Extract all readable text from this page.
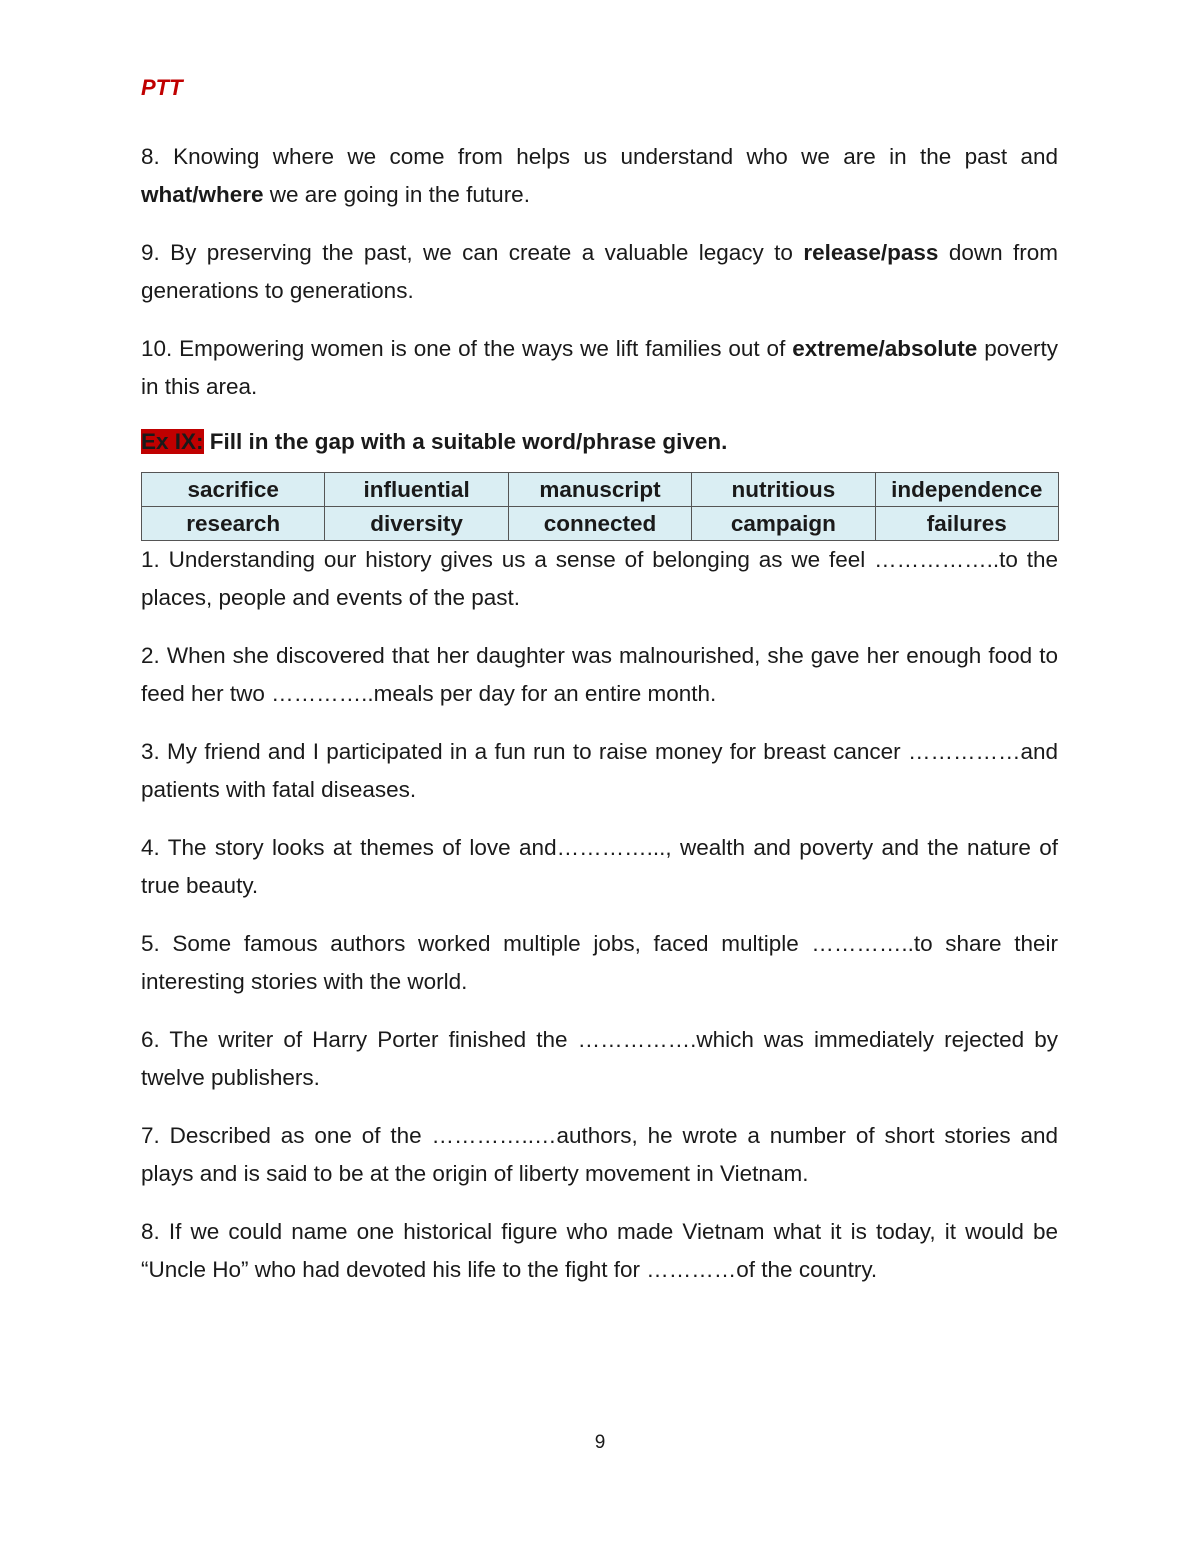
PTT

8. Knowing where we come from helps us understand who we are in the past and what/where we are going in the future.

9. By preserving the past, we can create a valuable legacy to release/pass down from generations to generations.

10. Empowering women is one of the ways we lift families out of extreme/absolute poverty in this area.

Ex IX: Fill in the gap with a suitable word/phrase given.
sacrifice	influential	manuscript	nutritious	independence
research	diversity	connected	campaign	failures

1. Understanding our history gives us a sense of belonging as we feel ……………..to the places, people and events of the past.

2. When she discovered that her daughter was malnourished, she gave her enough food to feed her two …………..meals per day for an entire month.

3. My friend and I participated in a fun run to raise money for breast cancer ……………and patients with fatal diseases.

4. The story looks at themes of love and…………..., wealth and poverty and the nature of true beauty.

5. Some famous authors worked multiple jobs, faced multiple …………..to share their interesting stories with the world.

6. The writer of Harry Porter finished the …………….which was immediately rejected by twelve publishers.

7. Described as one of the …………..…authors, he wrote a number of short stories and plays and is said to be at the origin of liberty movement in Vietnam.

8. If we could name one historical figure who made Vietnam what it is today, it would be “Uncle Ho” who had devoted his life to the fight for …………of the country.

9
